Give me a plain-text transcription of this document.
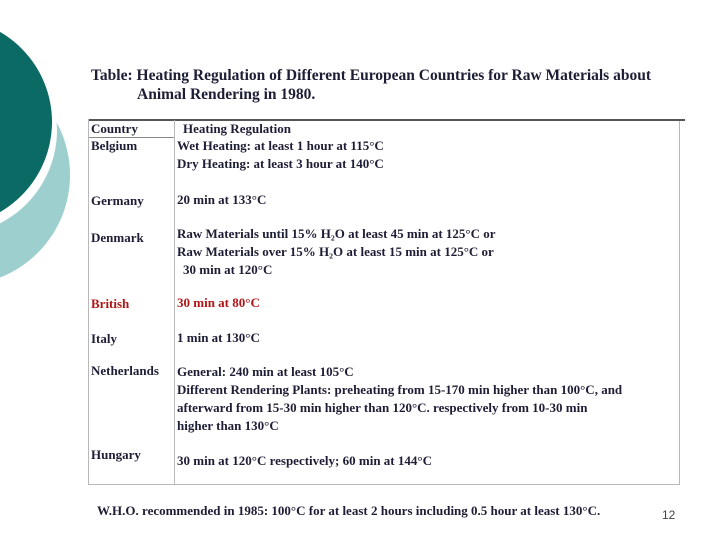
Table: Heating Regulation of Different European Countries for Raw Materials about
Animal Rendering in 1980.
Country	Heating Regulation
Belgium	Wet Heating: at least 1 hour at 115°C
Dry Heating: at least 3 hour at 140°C
Germany	20 min at 133°C
Denmark	Raw Materials until 15% H₂O at least 45 min at 125°C or
Raw Materials over 15% H₂O at least 15 min at 125°C or
30 min at 120°C
British	30 min at 80°C
Italy	1 min at 130°C
Netherlands General: 240 min at least 105°C
Different Rendering Plants: preheating from 15-170 min higher than 100°C, and
afterward from 15-30 min higher than 120°C. respectively from 10-30 min
higher than 130°C
Hungary	30 min at 120°C respectively; 60 min at 144°C
W.H.O. recommended in 1985: 100°C for at least 2 hours including 0.5 hour at least 130°C.	12
